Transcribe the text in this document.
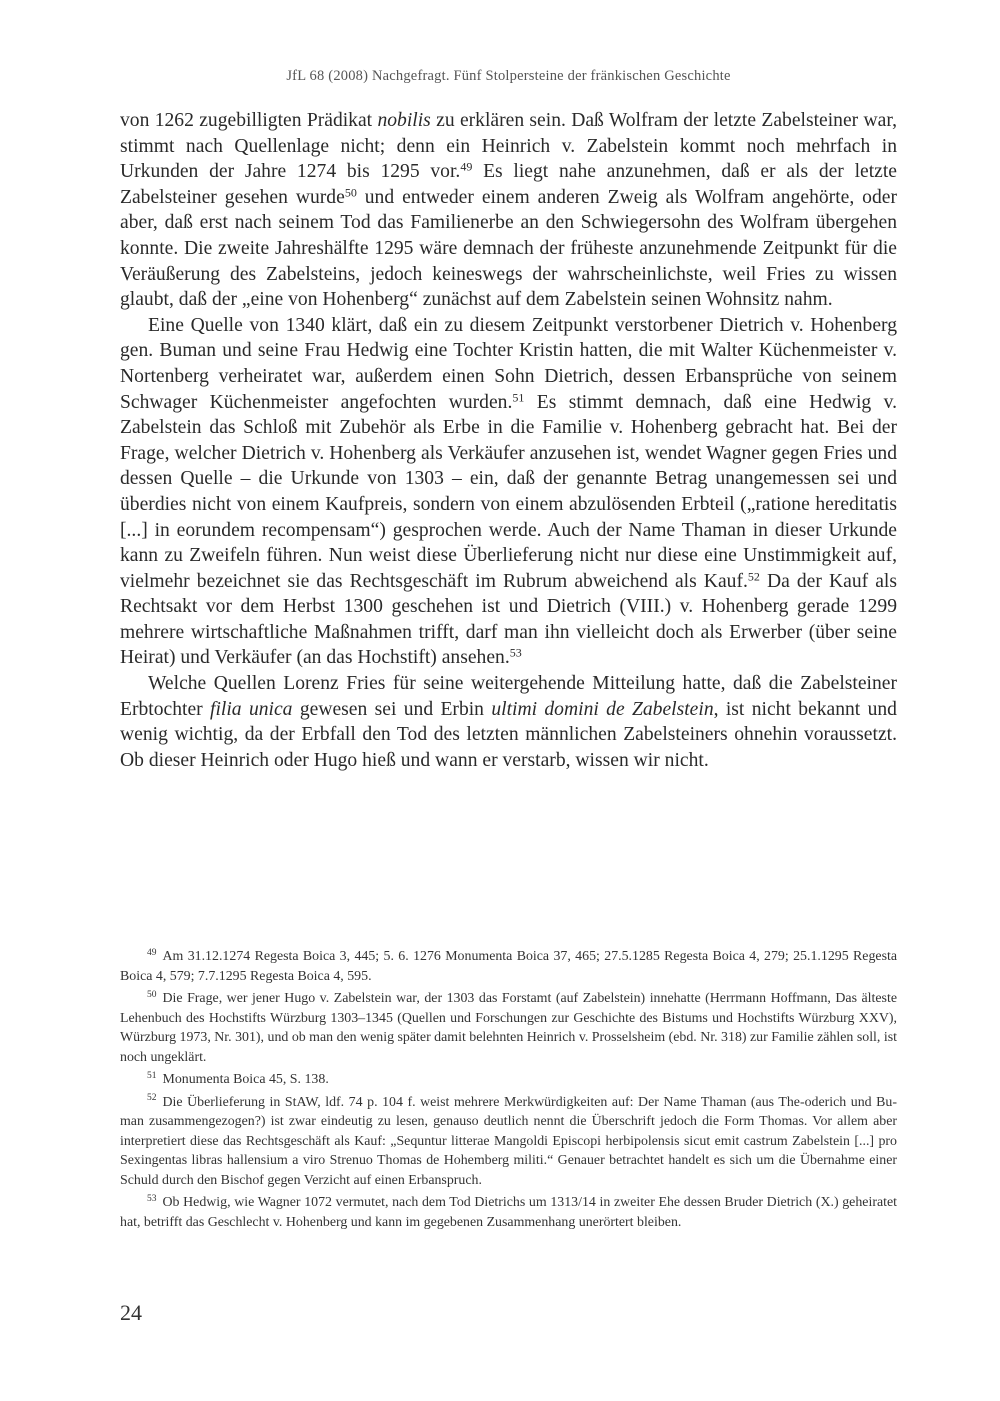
JfL 68 (2008) Nachgefragt. Fünf Stolpersteine der fränkischen Geschichte

von 1262 zugebilligten Prädikat nobilis zu erklären sein. Daß Wolfram der letzte Zabelsteiner war, stimmt nach Quellenlage nicht; denn ein Heinrich v. Zabelstein kommt noch mehrfach in Urkunden der Jahre 1274 bis 1295 vor.$^{49}$ Es liegt nahe anzunehmen, daß er als der letzte Zabelsteiner gesehen wurde$^{50}$ und entweder einem anderen Zweig als Wolfram angehörte, oder aber, daß erst nach seinem Tod das Familienerbe an den Schwiegersohn des Wolfram übergehen konnte. Die zweite Jahreshälfte 1295 wäre demnach der früheste anzunehmende Zeitpunkt für die Veräußerung des Zabelsteins, jedoch keineswegs der wahrscheinlichste, weil Fries zu wissen glaubt, daß der „eine von Hohenberg“ zunächst auf dem Zabelstein seinen Wohnsitz nahm.

Eine Quelle von 1340 klärt, daß ein zu diesem Zeitpunkt verstorbener Dietrich v. Hohenberg gen. Buman und seine Frau Hedwig eine Tochter Kristin hatten, die mit Walter Küchenmeister v. Nortenberg verheiratet war, außerdem einen Sohn Dietrich, dessen Erbansprüche von seinem Schwager Küchenmeister angefochten wurden.$^{51}$ Es stimmt demnach, daß eine Hedwig v. Zabelstein das Schloß mit Zubehör als Erbe in die Familie v. Hohenberg gebracht hat. Bei der Frage, welcher Dietrich v. Hohenberg als Verkäufer anzusehen ist, wendet Wagner gegen Fries und dessen Quelle – die Urkunde von 1303 – ein, daß der genannte Betrag unangemessen sei und überdies nicht von einem Kaufpreis, sondern von einem abzulösenden Erbteil („ratione hereditatis [...] in eorundem recompensam“) gesprochen werde. Auch der Name Thaman in dieser Urkunde kann zu Zweifeln führen. Nun weist diese Überlieferung nicht nur diese eine Unstimmigkeit auf, vielmehr bezeichnet sie das Rechtsgeschäft im Rubrum abweichend als Kauf.$^{52}$ Da der Kauf als Rechtsakt vor dem Herbst 1300 geschehen ist und Dietrich (VIII.) v. Hohenberg gerade 1299 mehrere wirtschaftliche Maßnahmen trifft, darf man ihn vielleicht doch als Erwerber (über seine Heirat) und Verkäufer (an das Hochstift) ansehen.$^{53}$

Welche Quellen Lorenz Fries für seine weitergehende Mitteilung hatte, daß die Zabelsteiner Erbtochter filia unica gewesen sei und Erbin ultimi domini de Zabelstein, ist nicht bekannt und wenig wichtig, da der Erbfall den Tod des letzten männlichen Zabelsteiners ohnehin voraussetzt. Ob dieser Heinrich oder Hugo hieß und wann er verstarb, wissen wir nicht.

$^{49}$ Am 31.12.1274 Regesta Boica 3, 445; 5. 6. 1276 Monumenta Boica 37, 465; 27.5.1285 Regesta Boica 4, 279; 25.1.1295 Regesta Boica 4, 579; 7.7.1295 Regesta Boica 4, 595.

$^{50}$ Die Frage, wer jener Hugo v. Zabelstein war, der 1303 das Forstamt (auf Zabelstein) innehatte (Herrmann Hoffmann, Das älteste Lehenbuch des Hochstifts Würzburg 1303–1345 (Quellen und Forschungen zur Geschichte des Bistums und Hochstifts Würzburg XXV), Würzburg 1973, Nr. 301), und ob man den wenig später damit belehnten Heinrich v. Prosselsheim (ebd. Nr. 318) zur Familie zählen soll, ist noch ungeklärt.

$^{51}$ Monumenta Boica 45, S. 138.

$^{52}$ Die Überlieferung in StAW, ldf. 74 p. 104 f. weist mehrere Merkwürdigkeiten auf: Der Name Thaman (aus The-oderich und Bu-man zusammengezogen?) ist zwar eindeutig zu lesen, genauso deutlich nennt die Überschrift jedoch die Form Thomas. Vor allem aber interpretiert diese das Rechtsgeschäft als Kauf: „Sequntur litterae Mangoldi Episcopi herbipolensis sicut emit castrum Zabelstein [...] pro Sexingentas libras hallensium a viro Strenuo Thomas de Hohemberg militi.“ Genauer betrachtet handelt es sich um die Übernahme einer Schuld durch den Bischof gegen Verzicht auf einen Erbanspruch.

$^{53}$ Ob Hedwig, wie Wagner 1072 vermutet, nach dem Tod Dietrichs um 1313/14 in zweiter Ehe dessen Bruder Dietrich (X.) geheiratet hat, betrifft das Geschlecht v. Hohenberg und kann im gegebenen Zusammenhang unerörtert bleiben.

24
